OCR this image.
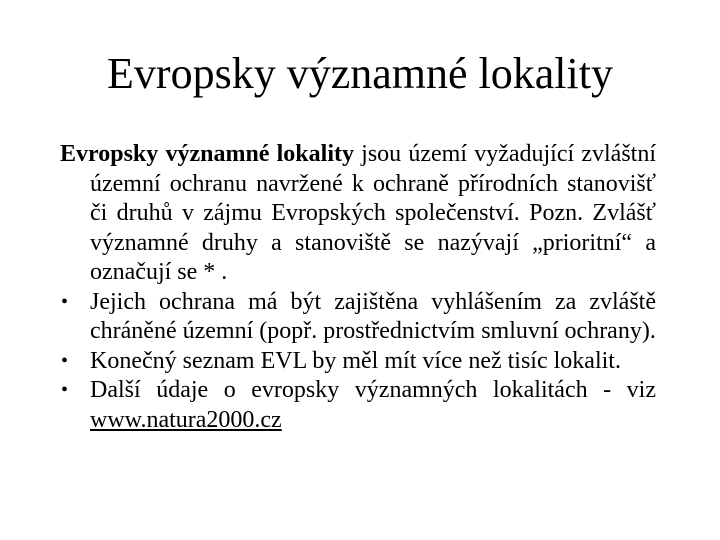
Evropsky významné lokality

Evropsky významné lokality jsou území vyžadující zvláštní územní ochranu navržené k ochraně přírodních stanovišť či druhů v zájmu Evropských společenství. Pozn. Zvlášť významné druhy a stanoviště se nazývají „prioritní“ a označují se * .

• Jejich ochrana má být zajištěna vyhlášením za zvláště chráněné územní (popř. prostřednictvím smluvní ochrany).
• Konečný seznam EVL by měl mít více než tisíc lokalit.
• Další údaje o evropsky významných lokalitách - viz www.natura2000.cz
